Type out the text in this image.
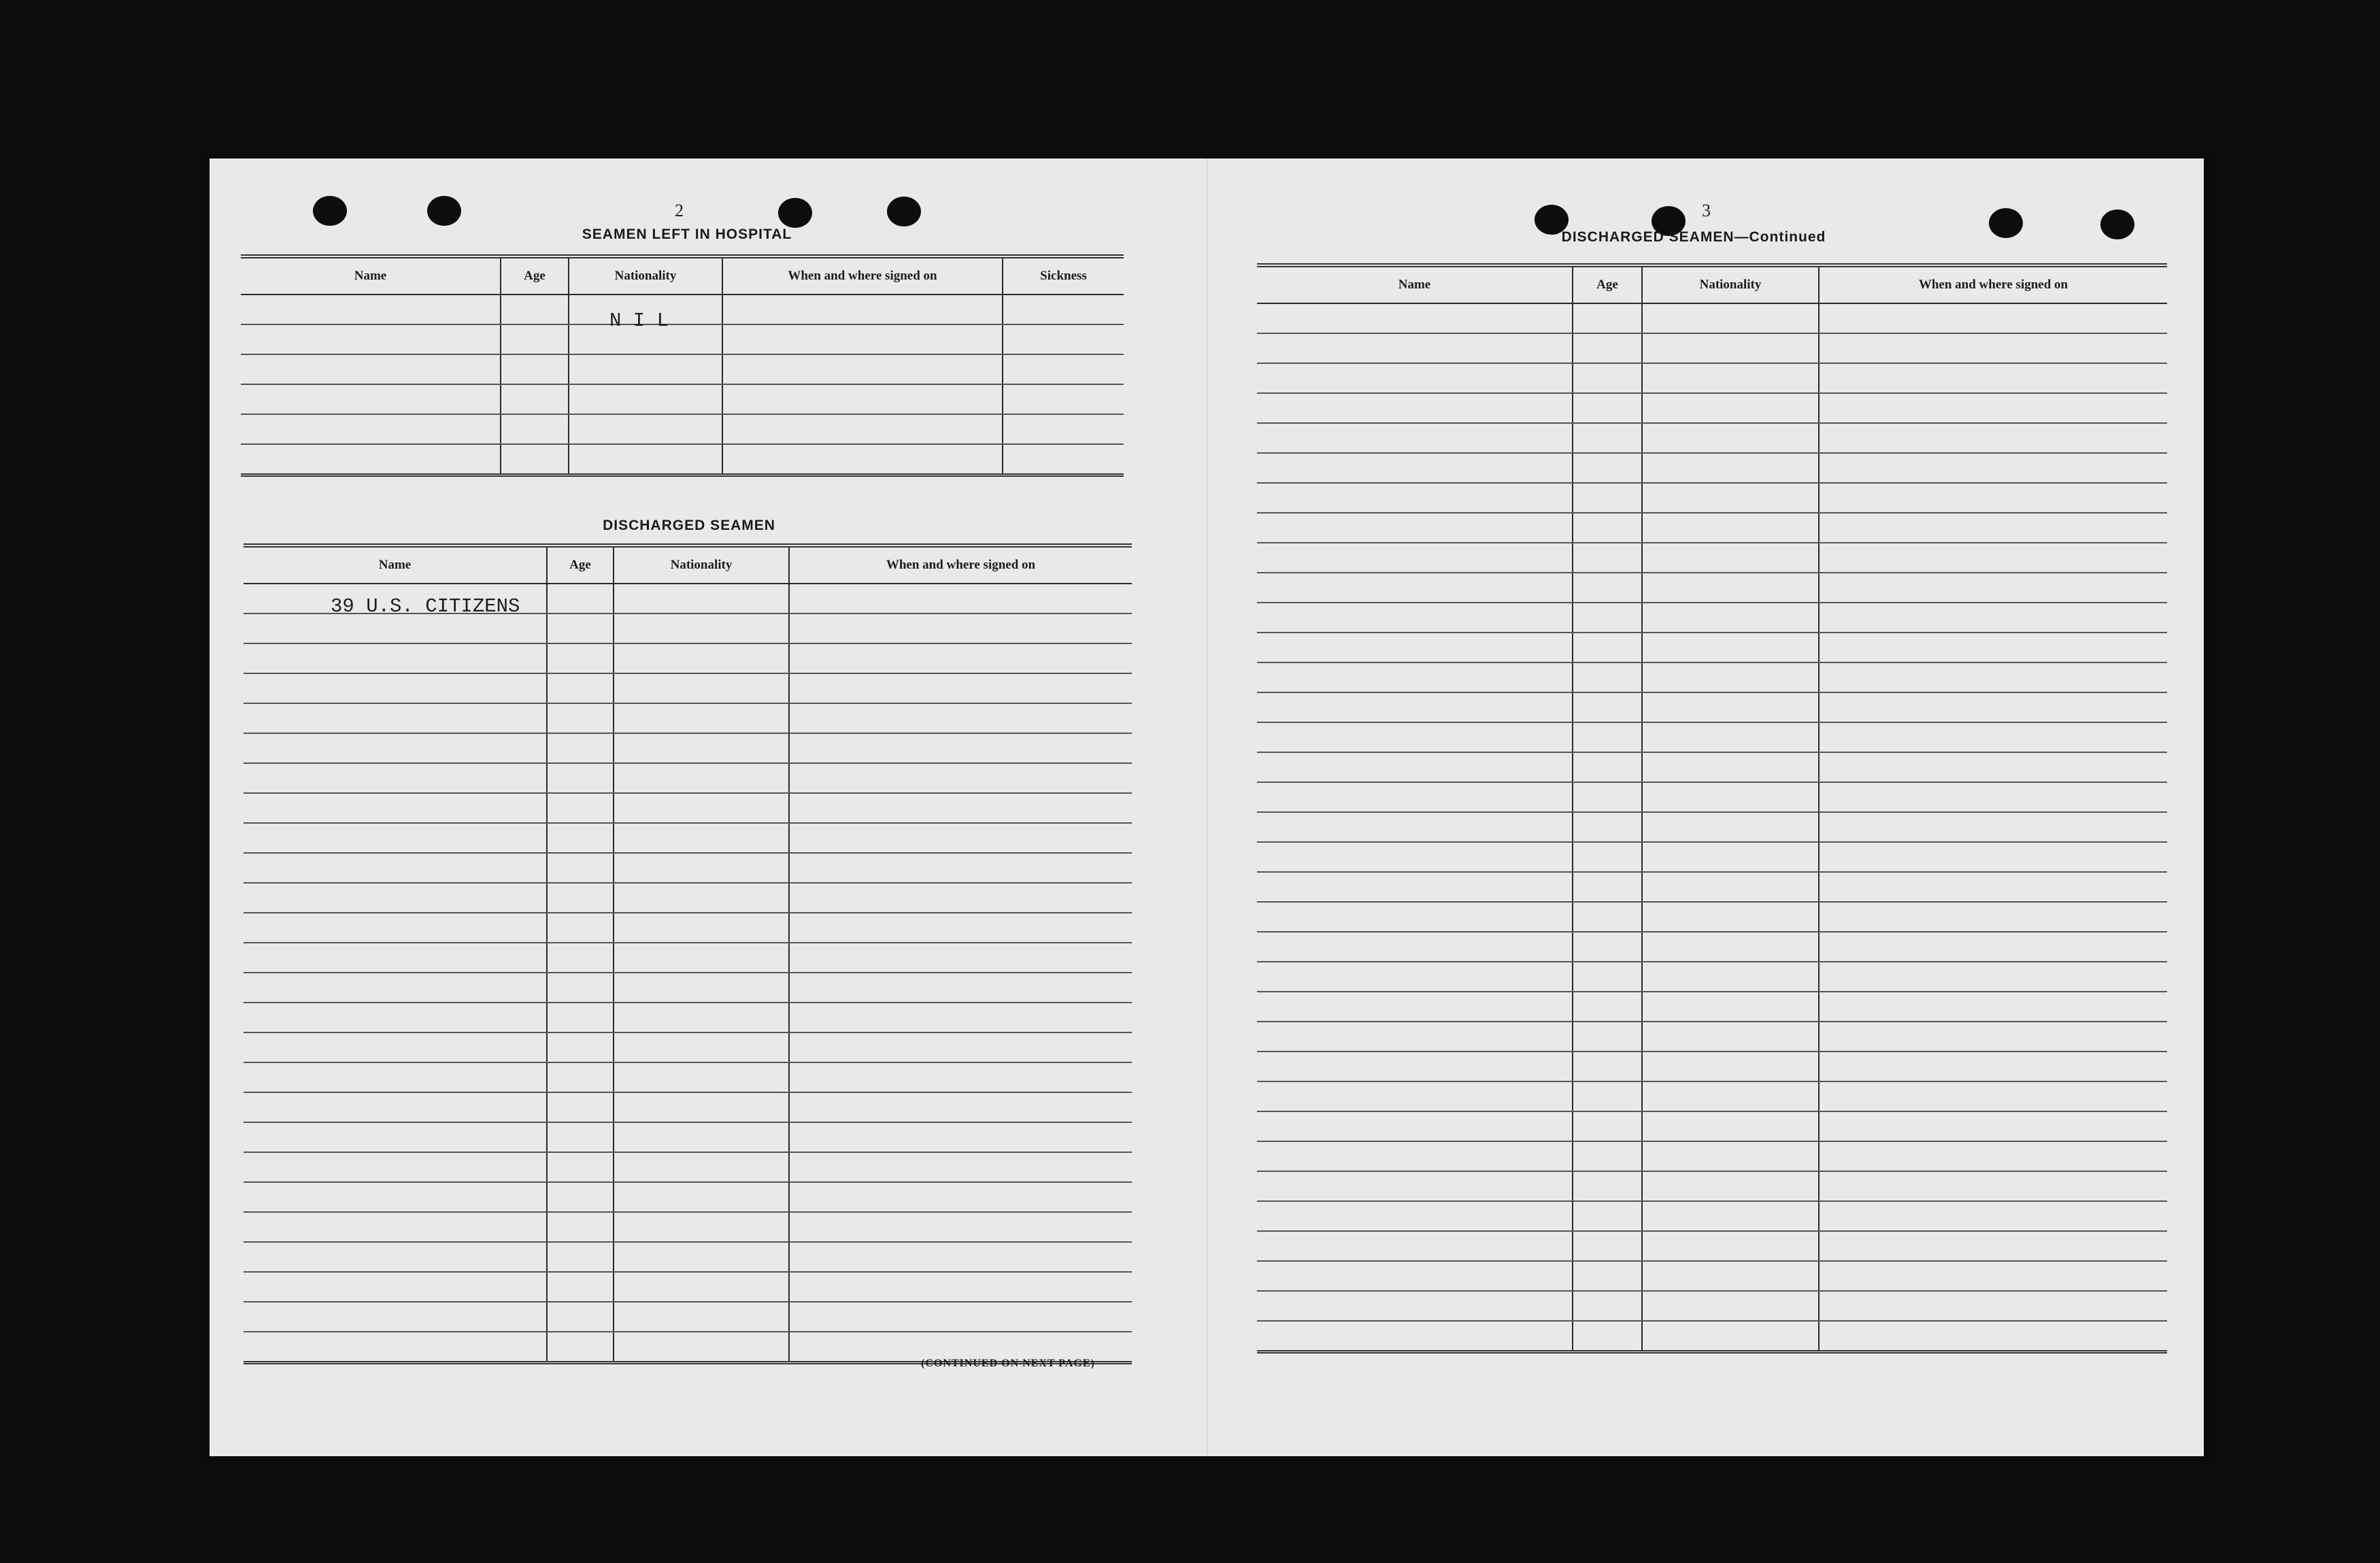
2
SEAMEN LEFT IN HOSPITAL
Name	Age	Nationality	When and where signed on	Sickness

N I L
DISCHARGED SEAMEN
Name	Age	Nationality	When and where signed on

39 U.S. CITIZENS
(CONTINUED ON NEXT PAGE)
3
DISCHARGED SEAMEN—Continued
Name	Age	Nationality	When and where signed on
